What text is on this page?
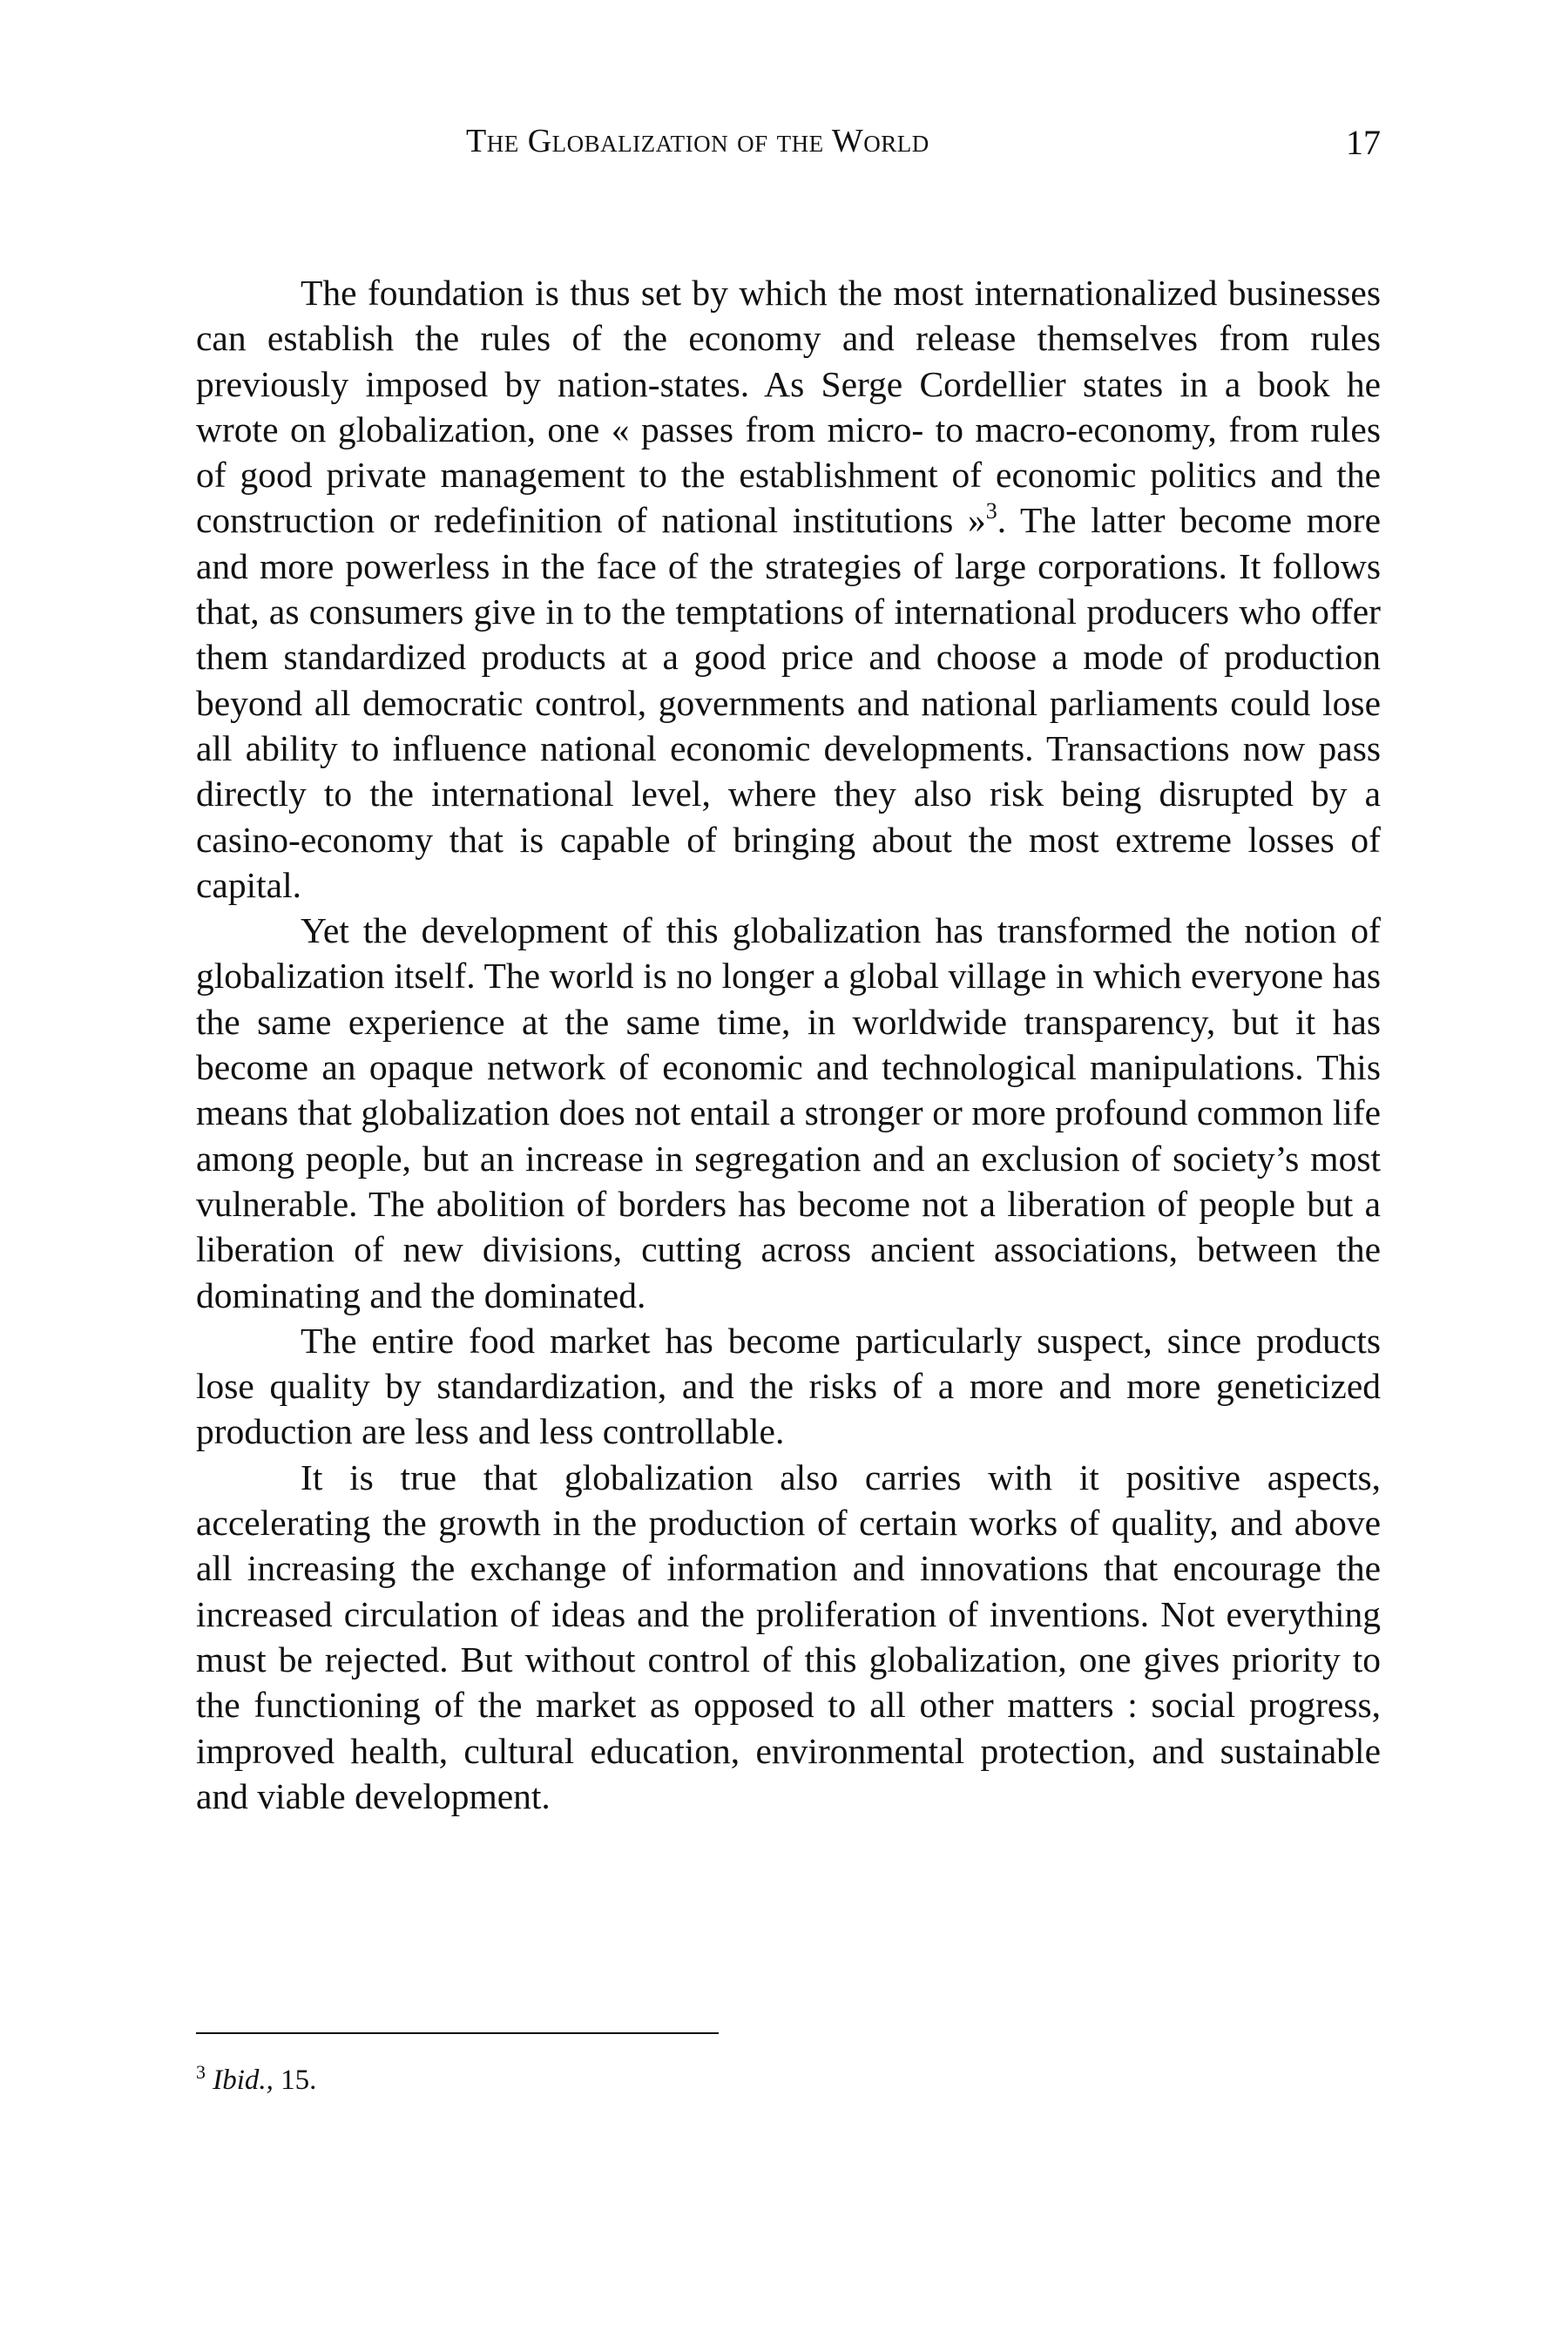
The Globalization of the World	17

The foundation is thus set by which the most internationalized businesses can establish the rules of the economy and release themselves from rules previously imposed by nation-states. As Serge Cordellier states in a book he wrote on globalization, one « passes from micro- to macro-economy, from rules of good private management to the establishment of economic politics and the construction or redefinition of national institutions »$^3$. The latter become more and more powerless in the face of the strategies of large corporations. It follows that, as consumers give in to the temptations of international producers who offer them standardized products at a good price and choose a mode of production beyond all democratic control, governments and national parliaments could lose all ability to influence national economic developments. Transactions now pass directly to the international level, where they also risk being disrupted by a casino-economy that is capable of bringing about the most extreme losses of capital.

Yet the development of this globalization has transformed the notion of globalization itself. The world is no longer a global village in which everyone has the same experience at the same time, in worldwide transparency, but it has become an opaque network of economic and technological manipulations. This means that globalization does not entail a stronger or more profound common life among people, but an increase in segregation and an exclusion of society’s most vulnerable. The abolition of borders has become not a liberation of people but a liberation of new divisions, cutting across ancient associations, between the dominating and the dominated.

The entire food market has become particularly suspect, since products lose quality by standardization, and the risks of a more and more geneticized production are less and less controllable.

It is true that globalization also carries with it positive aspects, accelerating the growth in the production of certain works of quality, and above all increasing the exchange of information and innovations that encourage the increased circulation of ideas and the proliferation of inventions. Not everything must be rejected. But without control of this globalization, one gives priority to the functioning of the market as opposed to all other matters : social progress, improved health, cultural education, environmental protection, and sustainable and viable development.

$^3$ Ibid., 15.
